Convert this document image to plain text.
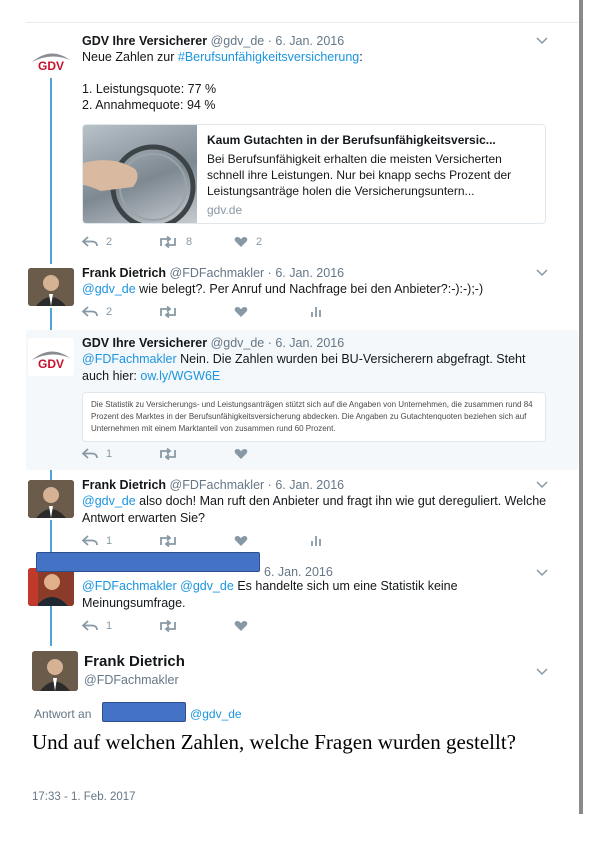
GDV
GDV Ihre Versicherer @gdv_de · 6. Jan. 2016
Neue Zahlen zur #Berufsunfähigkeitsversicherung:
1. Leistungsquote: 77 %
2. Annahmequote: 94 %
Kaum Gutachten in der Berufsunfähigkeitsversic...
Bei Berufsunfähigkeit erhalten die meisten Versicherten schnell ihre Leistungen. Nur bei knapp sechs Prozent der Leistungsanträge holen die Versicherungsuntern...
gdv.de
2	8	2
Frank Dietrich @FDFachmakler · 6. Jan. 2016
@gdv_de wie belegt?. Per Anruf und Nachfrage bei den Anbieter?:-):-);-)
2
GDV
GDV Ihre Versicherer @gdv_de · 6. Jan. 2016
@FDFachmakler Nein. Die Zahlen wurden bei BU-Versicherern abgefragt. Steht auch hier: ow.ly/WGW6E
Die Statistik zu Versicherungs- und Leistungsanträgen stützt sich auf die Angaben von Unternehmen, die zusammen rund 84 Prozent des Marktes in der Berufsunfähigkeitsversicherung abdecken. Die Angaben zu Gutachtenquoten beziehen sich auf Unternehmen mit einem Marktanteil von zusammen rund 60 Prozent.
1
Frank Dietrich @FDFachmakler · 6. Jan. 2016
@gdv_de also doch! Man ruft den Anbieter und fragt ihn wie gut dereguliert. Welche Antwort erwarten Sie?
1
6. Jan. 2016
@FDFachmakler @gdv_de Es handelte sich um eine Statistik keine Meinungsumfrage.
1
Frank Dietrich
@FDFachmakler
Antwort an	@gdv_de
Und auf welchen Zahlen, welche Fragen wurden gestellt?
17:33 - 1. Feb. 2017
